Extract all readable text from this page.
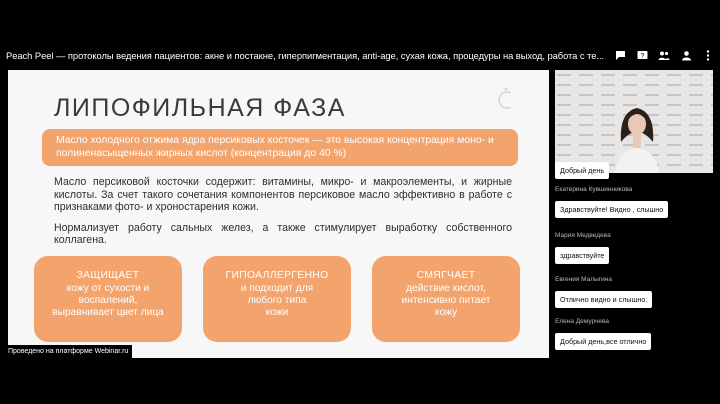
Peach Peel — протоколы ведения пациентов: акне и постакне, гиперпигментация, anti-age, сухая кожа, процедуры на выход, работа с те...	?
ЛИПОФИЛЬНАЯ ФАЗА
Масло холодного отжима ядра персиковых косточек — это высокая концентрация моно- и полиненасыщенных жирных кислот (концентрация до 40 %)

Масло персиковой косточки содержит: витамины, микро- и макроэлементы, и жирные кислоты. За счет такого сочетания компонентов персиковое масло эффективно в работе с признаками фото- и хроностарения кожи.

Нормализует работу сальных желез, а также стимулирует выработку собственного коллагена.

ЗАЩИЩАЕТ
кожу от сухости и воспалений, выравнивает цвет лица
ГИПОАЛЛЕРГЕННО
и подходит для любого типа кожи
СМЯГЧАЕТ
действие кислот, интенсивно питает кожу
Проведено на платформе Webinar.ru
Добрый день
Екатерина Кувшинникова
Здравствуйте! Видно , слышно
Мария Медведева
здравствуйте
Евгения Малыгина
Отлично видно и слышно.
Елена Демурчева
Добрый день,все отлично
